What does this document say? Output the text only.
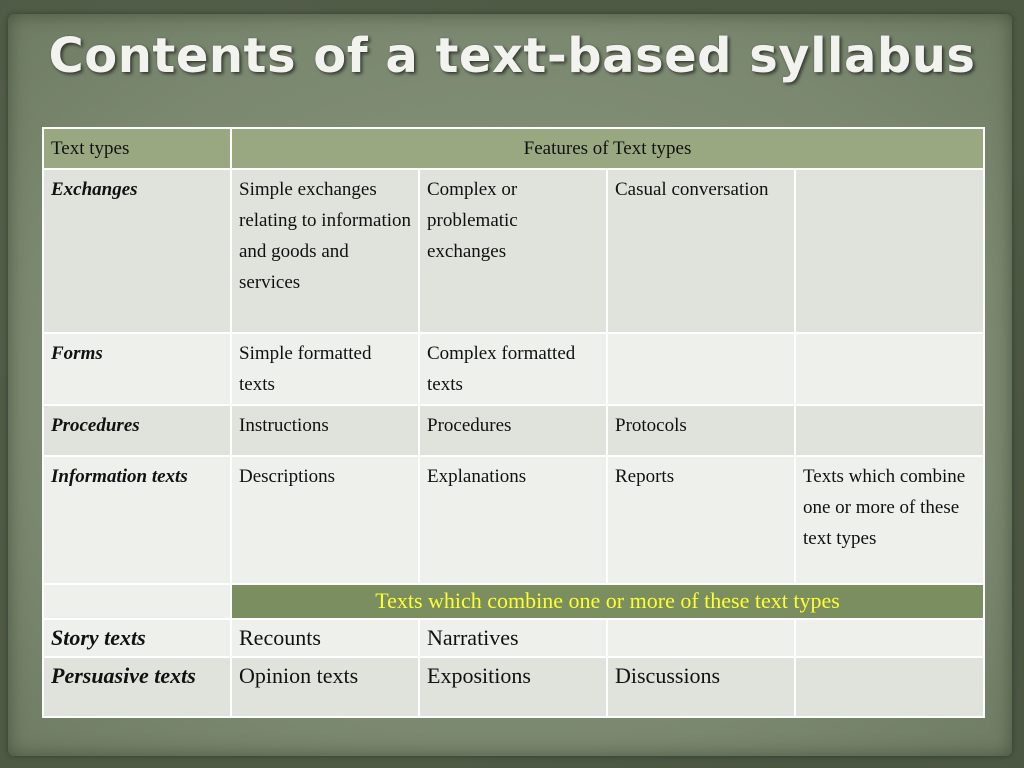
Contents of a text-based syllabus
Text types	Features of Text types			
Exchanges	Simple exchanges relating to information and goods and services	Complex or problematic exchanges	Casual conversation	
Forms	Simple formatted texts	Complex formatted texts		
Procedures	Instructions	Procedures	Protocols	
Information texts	Descriptions	Explanations	Reports	Texts which combine one or more of these text types
	Texts which combine one or more of these text types			
Story texts	Recounts	Narratives		
Persuasive texts	Opinion texts	Expositions	Discussions	
